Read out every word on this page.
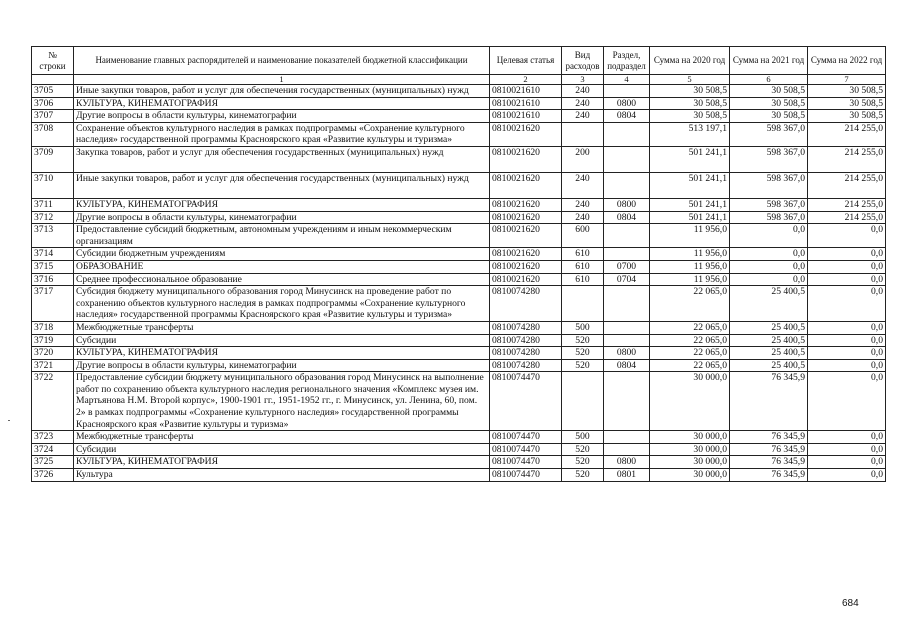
№ строки	Наименование главных распорядителей и наименование показателей бюджетной классификации	Целевая статья	Вид расходов	Раздел, подраздел	Сумма на 2020 год	Сумма на 2021 год	Сумма на 2022 год
	1	2	3	4	5	6	7
3705	Иные закупки товаров, работ и услуг для обеспечения государственных (муниципальных) нужд	0810021610	240		30 508,5	30 508,5	30 508,5
3706	КУЛЬТУРА, КИНЕМАТОГРАФИЯ	0810021610	240	0800	30 508,5	30 508,5	30 508,5
3707	Другие вопросы в области культуры, кинематографии	0810021610	240	0804	30 508,5	30 508,5	30 508,5
3708	Сохранение объектов культурного наследия в рамках подпрограммы «Сохранение культурного наследия» государственной программы Красноярского края «Развитие культуры и туризма»	0810021620			513 197,1	598 367,0	214 255,0
3709	Закупка товаров, работ и услуг для обеспечения государственных (муниципальных) нужд	0810021620	200		501 241,1	598 367,0	214 255,0
3710	Иные закупки товаров, работ и услуг для обеспечения государственных (муниципальных) нужд	0810021620	240		501 241,1	598 367,0	214 255,0
3711	КУЛЬТУРА, КИНЕМАТОГРАФИЯ	0810021620	240	0800	501 241,1	598 367,0	214 255,0
3712	Другие вопросы в области культуры, кинематографии	0810021620	240	0804	501 241,1	598 367,0	214 255,0
3713	Предоставление субсидий бюджетным, автономным учреждениям и иным некоммерческим организациям	0810021620	600		11 956,0	0,0	0,0
3714	Субсидии бюджетным учреждениям	0810021620	610		11 956,0	0,0	0,0
3715	ОБРАЗОВАНИЕ	0810021620	610	0700	11 956,0	0,0	0,0
3716	Среднее профессиональное образование	0810021620	610	0704	11 956,0	0,0	0,0
3717	Субсидия бюджету муниципального образования город Минусинск на проведение работ по сохранению объектов культурного наследия в рамках подпрограммы «Сохранение культурного наследия» государственной программы Красноярского края «Развитие культуры и туризма»	0810074280			22 065,0	25 400,5	0,0
3718	Межбюджетные трансферты	0810074280	500		22 065,0	25 400,5	0,0
3719	Субсидии	0810074280	520		22 065,0	25 400,5	0,0
3720	КУЛЬТУРА, КИНЕМАТОГРАФИЯ	0810074280	520	0800	22 065,0	25 400,5	0,0
3721	Другие вопросы в области культуры, кинематографии	0810074280	520	0804	22 065,0	25 400,5	0,0
3722	Предоставление субсидии бюджету муниципального образования город Минусинск на выполнение работ по сохранению объекта культурного наследия регионального значения «Комплекс музея им. Мартьянова Н.М. Второй корпус», 1900-1901 гг., 1951-1952 гг., г. Минусинск, ул. Ленина, 60, пом. 2» в рамках подпрограммы «Сохранение культурного наследия» государственной программы Красноярского края «Развитие культуры и туризма»	0810074470			30 000,0	76 345,9	0,0
3723	Межбюджетные трансферты	0810074470	500		30 000,0	76 345,9	0,0
3724	Субсидии	0810074470	520		30 000,0	76 345,9	0,0
3725	КУЛЬТУРА, КИНЕМАТОГРАФИЯ	0810074470	520	0800	30 000,0	76 345,9	0,0
3726	Культура	0810074470	520	0801	30 000,0	76 345,9	0,0
684
